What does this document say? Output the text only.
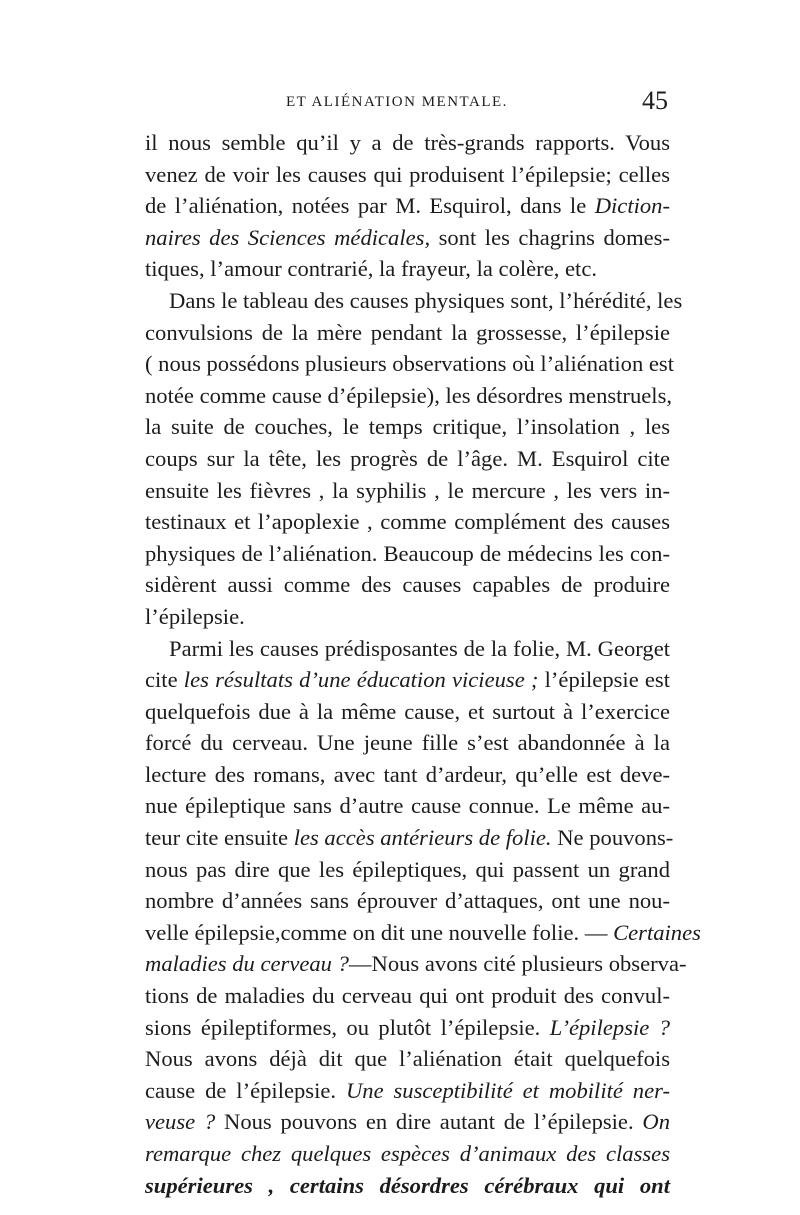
ET ALIÉNATION MENTALE.	45
il nous semble qu’il y a de très-grands rapports. Vous
venez de voir les causes qui produisent l’épilepsie; celles
de l’aliénation, notées par M. Esquirol, dans le Diction-
naires des Sciences médicales, sont les chagrins domes-
tiques, l’amour contrarié, la frayeur, la colère, etc.
Dans le tableau des causes physiques sont, l’hérédité, les
convulsions de la mère pendant la grossesse, l’épilepsie
( nous possédons plusieurs observations où l’aliénation est
notée comme cause d’épilepsie), les désordres menstruels,
la suite de couches, le temps critique, l’insolation , les
coups sur la tête, les progrès de l’âge. M. Esquirol cite
ensuite les fièvres , la syphilis , le mercure , les vers in-
testinaux et l’apoplexie , comme complément des causes
physiques de l’aliénation. Beaucoup de médecins les con-
sidèrent aussi comme des causes capables de produire
l’épilepsie.
Parmi les causes prédisposantes de la folie, M. Georget
cite les résultats d’une éducation vicieuse ; l’épilepsie est
quelquefois due à la même cause, et surtout à l’exercice
forcé du cerveau. Une jeune fille s’est abandonnée à la
lecture des romans, avec tant d’ardeur, qu’elle est deve-
nue épileptique sans d’autre cause connue. Le même au-
teur cite ensuite les accès antérieurs de folie. Ne pouvons-
nous pas dire que les épileptiques, qui passent un grand
nombre d’années sans éprouver d’attaques, ont une nou-
velle épilepsie,comme on dit une nouvelle folie. — Certaines
maladies du cerveau ?—Nous avons cité plusieurs observa-
tions de maladies du cerveau qui ont produit des convul-
sions épileptiformes, ou plutôt l’épilepsie. L’épilepsie ?
Nous avons déjà dit que l’aliénation était quelquefois
cause de l’épilepsie. Une susceptibilité et mobilité ner-
veuse ? Nous pouvons en dire autant de l’épilepsie. On
remarque chez quelques espèces d’animaux des classes
supérieures , certains désordres cérébraux qui ont
